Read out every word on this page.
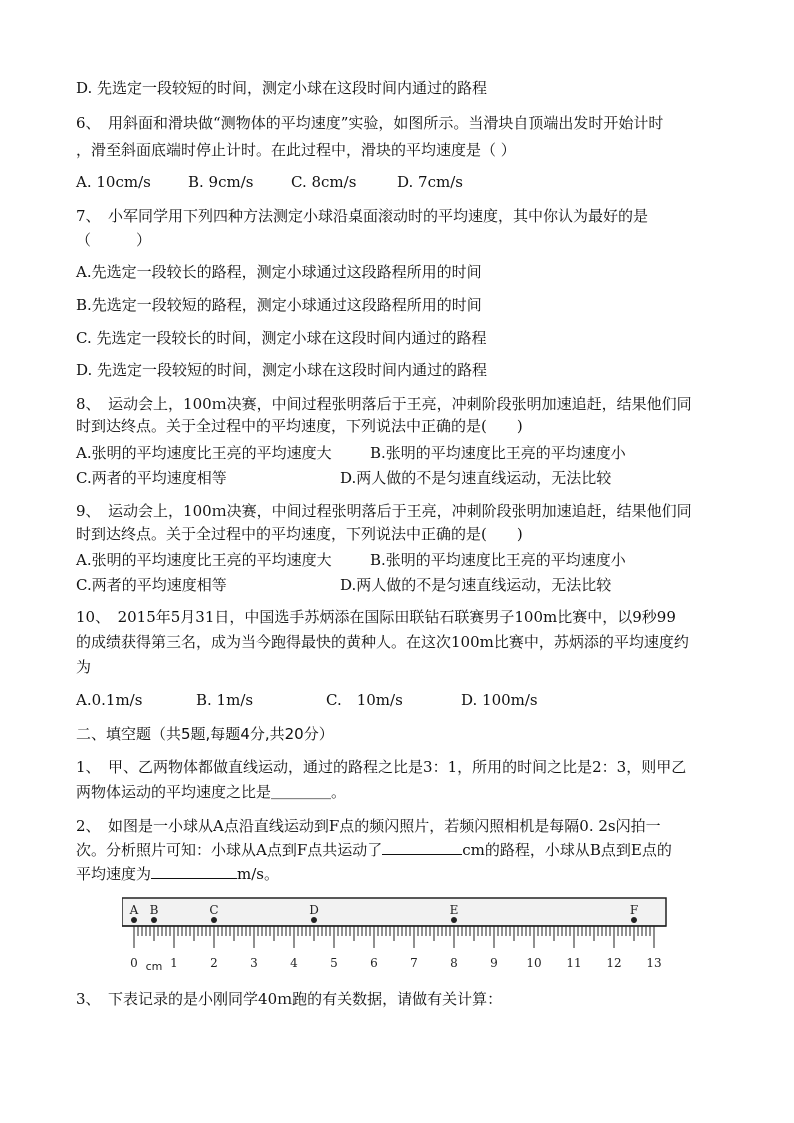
D. 先选定一段较短的时间，测定小球在这段时间内通过的路程
6、　用斜面和滑块做“测物体的平均速度”实验，如图所示。当滑块自顶端出发时开始计时
，滑至斜面底端时停止计时。在此过程中，滑块的平均速度是（ ）
A. 10cm/s B. 9cm/s	C. 8cm/s	D. 7cm/s
7、　小军同学用下列四种方法测定小球沿桌面滚动时的平均速度，其中你认为最好的是
（　　　）
A.先选定一段较长的路程，测定小球通过这段路程所用的时间
B.先选定一段较短的路程，测定小球通过这段路程所用的时间
C. 先选定一段较长的时间，测定小球在这段时间内通过的路程
D. 先选定一段较短的时间，测定小球在这段时间内通过的路程
8、　运动会上，100ｍ决赛，中间过程张明落后于王亮，冲刺阶段张明加速追赶，结果他们同
时到达终点。关于全过程中的平均速度，下列说法中正确的是(　　)
A.张明的平均速度比王亮的平均速度大	B.张明的平均速度比王亮的平均速度小
C.两者的平均速度相等	D.两人做的不是匀速直线运动，无法比较
9、　运动会上，100ｍ决赛，中间过程张明落后于王亮，冲刺阶段张明加速追赶，结果他们同
时到达终点。关于全过程中的平均速度，下列说法中正确的是(　　)
A.张明的平均速度比王亮的平均速度大	B.张明的平均速度比王亮的平均速度小
C.两者的平均速度相等	D.两人做的不是匀速直线运动，无法比较
10、　2015年5月31日，中国选手苏炳添在国际田联钻石联赛男子100m比赛中，以9秒99
的成绩获得第三名，成为当今跑得最快的黄种人。在这次100m比赛中，苏炳添的平均速度约
为
A.0.1m/s	B. 1m/s	C.　10m/s	D. 100m/s
二、填空题（共5题,每题4分,共20分）
1、　甲、乙两物体都做直线运动，通过的路程之比是3：1，所用的时间之比是2：3，则甲乙
两物体运动的平均速度之比是＿＿＿＿。
2、　如图是一小球从A点沿直线运动到F点的频闪照片，若频闪照相机是每隔0. 2s闪拍一
次。分析照片可知：小球从A点到F点共运动了	cm的路程，小球从B点到E点的
平均速度为	m/s。
0	1	2	3	4	5	6	7	8	9 10 11 12 13
cm
A B	C	D	E	F
3、　下表记录的是小刚同学40ｍ跑的有关数据，请做有关计算：
